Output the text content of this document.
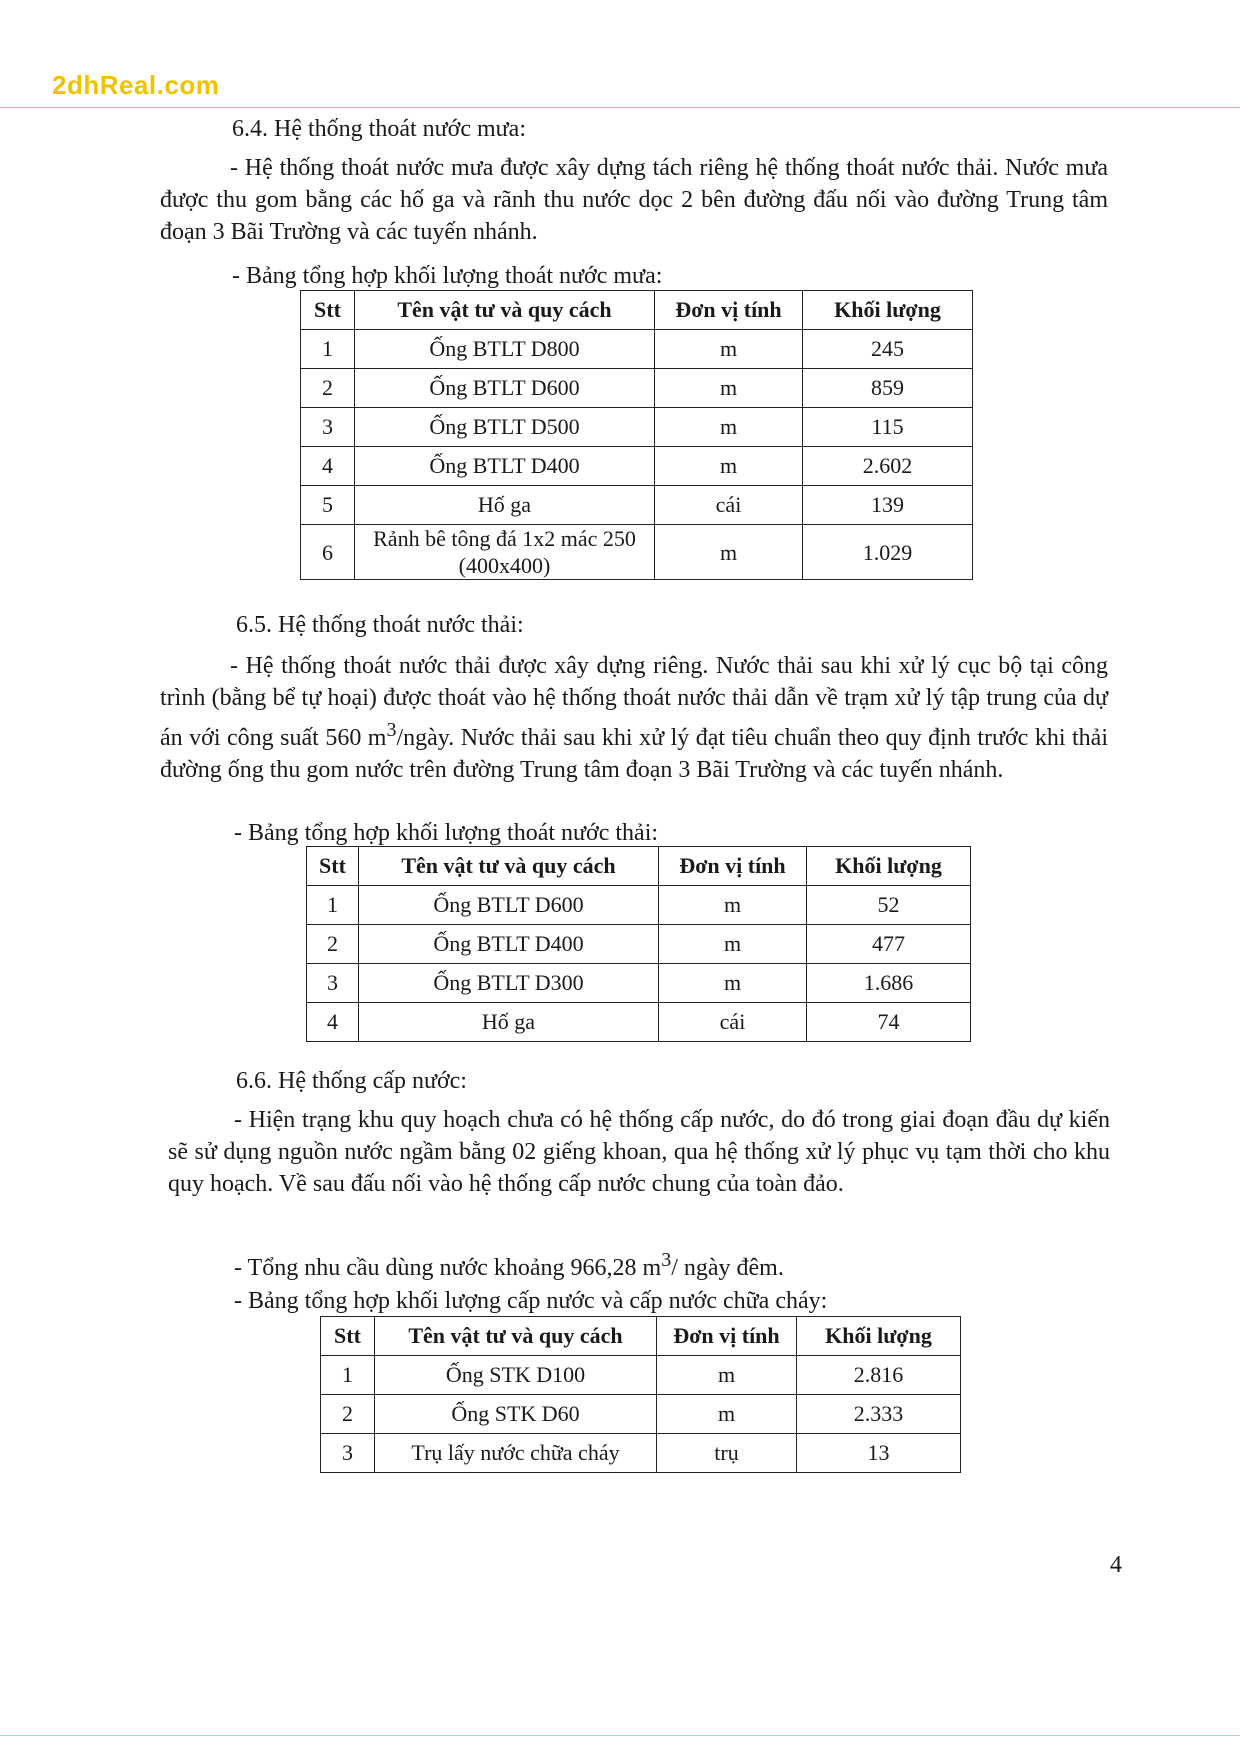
2dhReal.com
6.4. Hệ thống thoát nước mưa:

- Hệ thống thoát nước mưa được xây dựng tách riêng hệ thống thoát nước thải. Nước mưa được thu gom bằng các hố ga và rãnh thu nước dọc 2 bên đường đấu nối vào đường Trung tâm đoạn 3 Bãi Trường và các tuyến nhánh.

- Bảng tổng hợp khối lượng thoát nước mưa:
Stt	Tên vật tư và quy cách	Đơn vị tính	Khối lượng
1	Ống BTLT D800	m	245
2	Ống BTLT D600	m	859
3	Ống BTLT D500	m	115
4	Ống BTLT D400	m	2.602
5	Hố ga	cái	139
6	Rảnh bê tông đá 1x2 mác 250 (400x400)	m	1.029
6.5. Hệ thống thoát nước thải:

- Hệ thống thoát nước thải được xây dựng riêng. Nước thải sau khi xử lý cục bộ tại công trình (bằng bể tự hoại) được thoát vào hệ thống thoát nước thải dẫn về trạm xử lý tập trung của dự án với công suất 560 $m^3$/ngày. Nước thải sau khi xử lý đạt tiêu chuẩn theo quy định trước khi thải đường ống thu gom nước trên đường Trung tâm đoạn 3 Bãi Trường và các tuyến nhánh.

- Bảng tổng hợp khối lượng thoát nước thải:
Stt	Tên vật tư và quy cách	Đơn vị tính	Khối lượng
1	Ống BTLT D600	m	52
2	Ống BTLT D400	m	477
3	Ống BTLT D300	m	1.686
4	Hố ga	cái	74
6.6. Hệ thống cấp nước:

- Hiện trạng khu quy hoạch chưa có hệ thống cấp nước, do đó trong giai đoạn đầu dự kiến sẽ sử dụng nguồn nước ngầm bằng 02 giếng khoan, qua hệ thống xử lý phục vụ tạm thời cho khu quy hoạch. Về sau đấu nối vào hệ thống cấp nước chung của toàn đảo.

- Tổng nhu cầu dùng nước khoảng 966,28 $m^3/$ ngày đêm.

- Bảng tổng hợp khối lượng cấp nước và cấp nước chữa cháy:
Stt	Tên vật tư và quy cách	Đơn vị tính	Khối lượng
1	Ống STK D100	m	2.816
2	Ống STK D60	m	2.333
3	Trụ lấy nước chữa cháy	trụ	13
4
